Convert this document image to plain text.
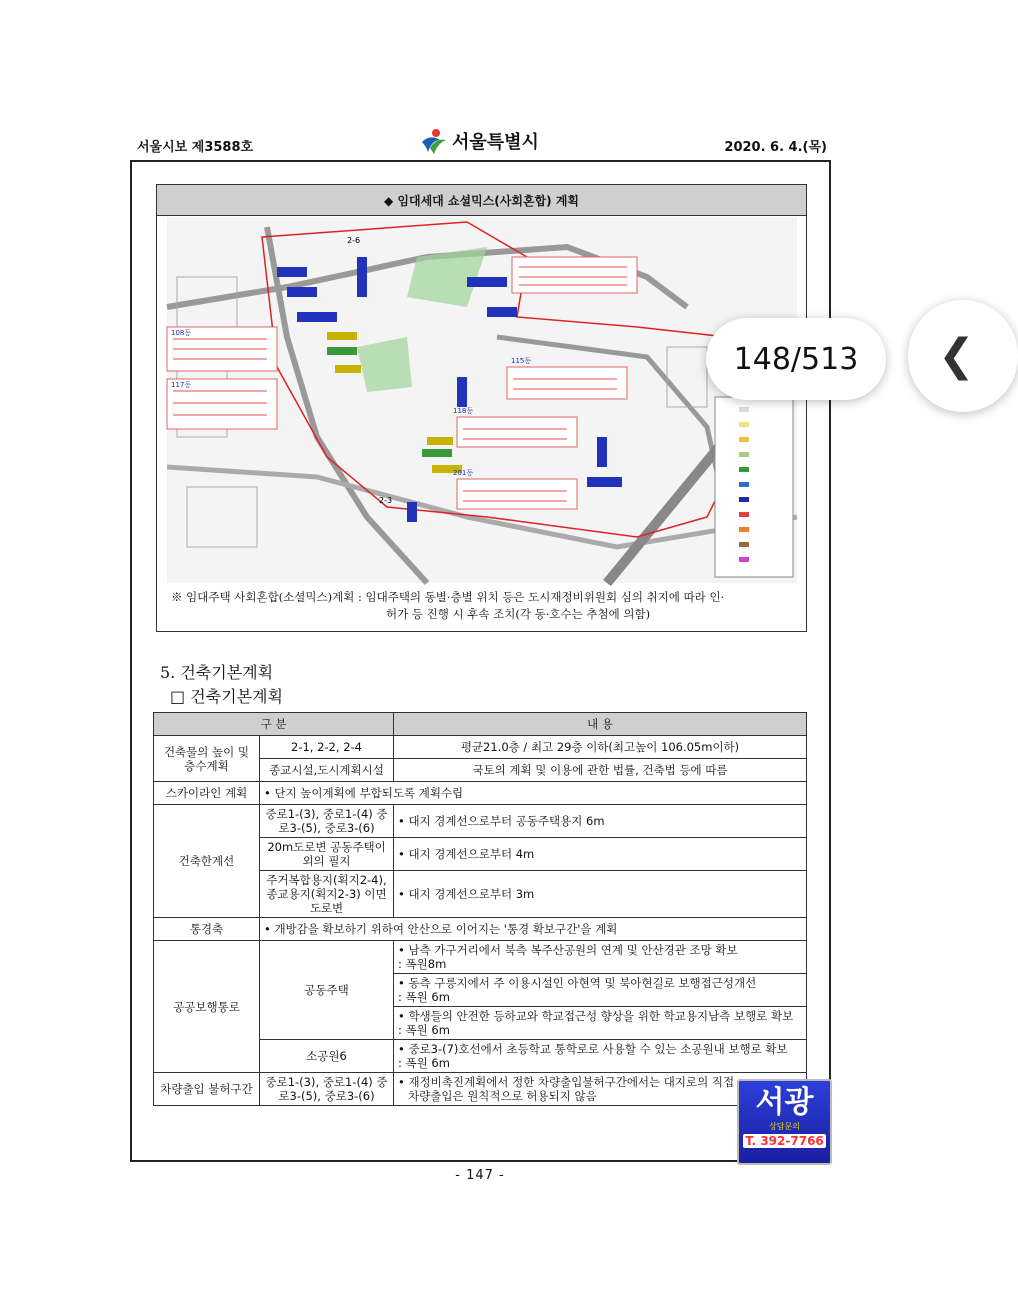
서울시보 제3588호	서울특별시	2020. 6. 4.(목)
◆ 임대세대 쇼셜믹스(사회혼합) 계획
2-6
2-3
108동
117동
115동
118동
201동
※ 임대주택 사회혼합(소셜믹스)계획 : 임대주택의 동별·층별 위치 등은 도시재정비위원회 심의 취지에 따라 인·
허가 등 진행 시 후속 조치(각 동·호수는 추첨에 의함)
5. 건축기본계획
□ 건축기본계획
구 분		내 용
건축물의 높이 및 층수계획	2-1, 2-2, 2-4	평균21.0층 / 최고 29층 이하(최고높이 106.05m이하)
	종교시설,도시계획시설	국토의 계획 및 이용에 관한 법률, 건축법 등에 따름
스카이라인 계획	• 단지 높이계획에 부합되도록 계획수립	
건축한계선	중로1-(3), 중로1-(4) 중로3-(5), 중로3-(6)	• 대지 경계선으로부터 공동주택용지 6m
	20m도로변 공동주택이외의 필지	• 대지 경계선으로부터 4m
	주거복합용지(획지2-4), 종교용지(획지2-3) 이면도로변	• 대지 경계선으로부터 3m
통경축	• 개방감을 확보하기 위하여 안산으로 이어지는 '통경 확보구간'을 계획	
공공보행통로	공동주택	• 남측 가구거리에서 북측 복주산공원의 연계 및 안산경관 조망 확보
: 폭원8m

		• 동측 구릉지에서 주 이용시설인 아현역 및 북아현길로 보행접근성개선
: 폭원 6m

		• 학생들의 안전한 등하교와 학교접근성 향상을 위한 학교용지남측 보행로 확보
: 폭원 6m

	소공원6	• 중로3-(7)호선에서 초등학교 통학로로 사용할 수 있는 소공원내 보행로 확보
: 폭원 6m

차량출입 불허구간	중로1-(3), 중로1-(4) 중로3-(5), 중로3-(6)	• 재정비촉진계획에서 정한 차량출입불허구간에서는 대지로의 직접
차량출입은 원칙적으로 허용되지 않음
- 147 -
148/513	❮
서광
상담문의
T. 392-7766
